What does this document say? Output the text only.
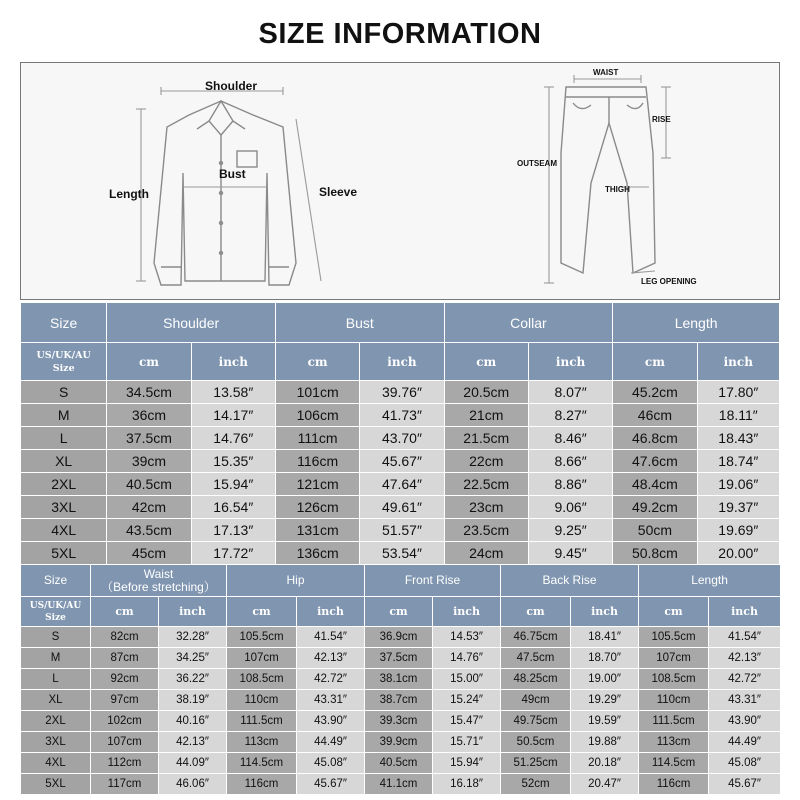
SIZE INFORMATION
Shoulder
Bust
Length	Sleeve
WAIST
RISE
OUTSEAM
THIGH
LEG OPENING
Size	Shoulder		Bust		Collar		Length	
US/UK/AU
Size	cm	inch	cm	inch	cm	inch	cm	inch
S	34.5cm	13.58″	101cm	39.76″	20.5cm	8.07″	45.2cm	17.80″
M	36cm	14.17″	106cm	41.73″	21cm	8.27″	46cm	18.11″
L	37.5cm	14.76″	111cm	43.70″	21.5cm	8.46″	46.8cm	18.43″
XL	39cm	15.35″	116cm	45.67″	22cm	8.66″	47.6cm	18.74″
2XL	40.5cm	15.94″	121cm	47.64″	22.5cm	8.86″	48.4cm	19.06″
3XL	42cm	16.54″	126cm	49.61″	23cm	9.06″	49.2cm	19.37″
4XL	43.5cm	17.13″	131cm	51.57″	23.5cm	9.25″	50cm	19.69″
5XL	45cm	17.72″	136cm	53.54″	24cm	9.45″	50.8cm	20.00″
Size	Waist
（Before stretching）		Hip		Front Rise		Back Rise		Length	
US/UK/AU
Size	cm	inch	cm	inch	cm	inch	cm	inch	cm	inch
S	82cm	32.28″	105.5cm	41.54″	36.9cm	14.53″	46.75cm	18.41″	105.5cm	41.54″
M	87cm	34.25″	107cm	42.13″	37.5cm	14.76″	47.5cm	18.70″	107cm	42.13″
L	92cm	36.22″	108.5cm	42.72″	38.1cm	15.00″	48.25cm	19.00″	108.5cm	42.72″
XL	97cm	38.19″	110cm	43.31″	38.7cm	15.24″	49cm	19.29″	110cm	43.31″
2XL	102cm	40.16″	111.5cm	43.90″	39.3cm	15.47″	49.75cm	19.59″	111.5cm	43.90″
3XL	107cm	42.13″	113cm	44.49″	39.9cm	15.71″	50.5cm	19.88″	113cm	44.49″
4XL	112cm	44.09″	114.5cm	45.08″	40.5cm	15.94″	51.25cm	20.18″	114.5cm	45.08″
5XL	117cm	46.06″	116cm	45.67″	41.1cm	16.18″	52cm	20.47″	116cm	45.67″
